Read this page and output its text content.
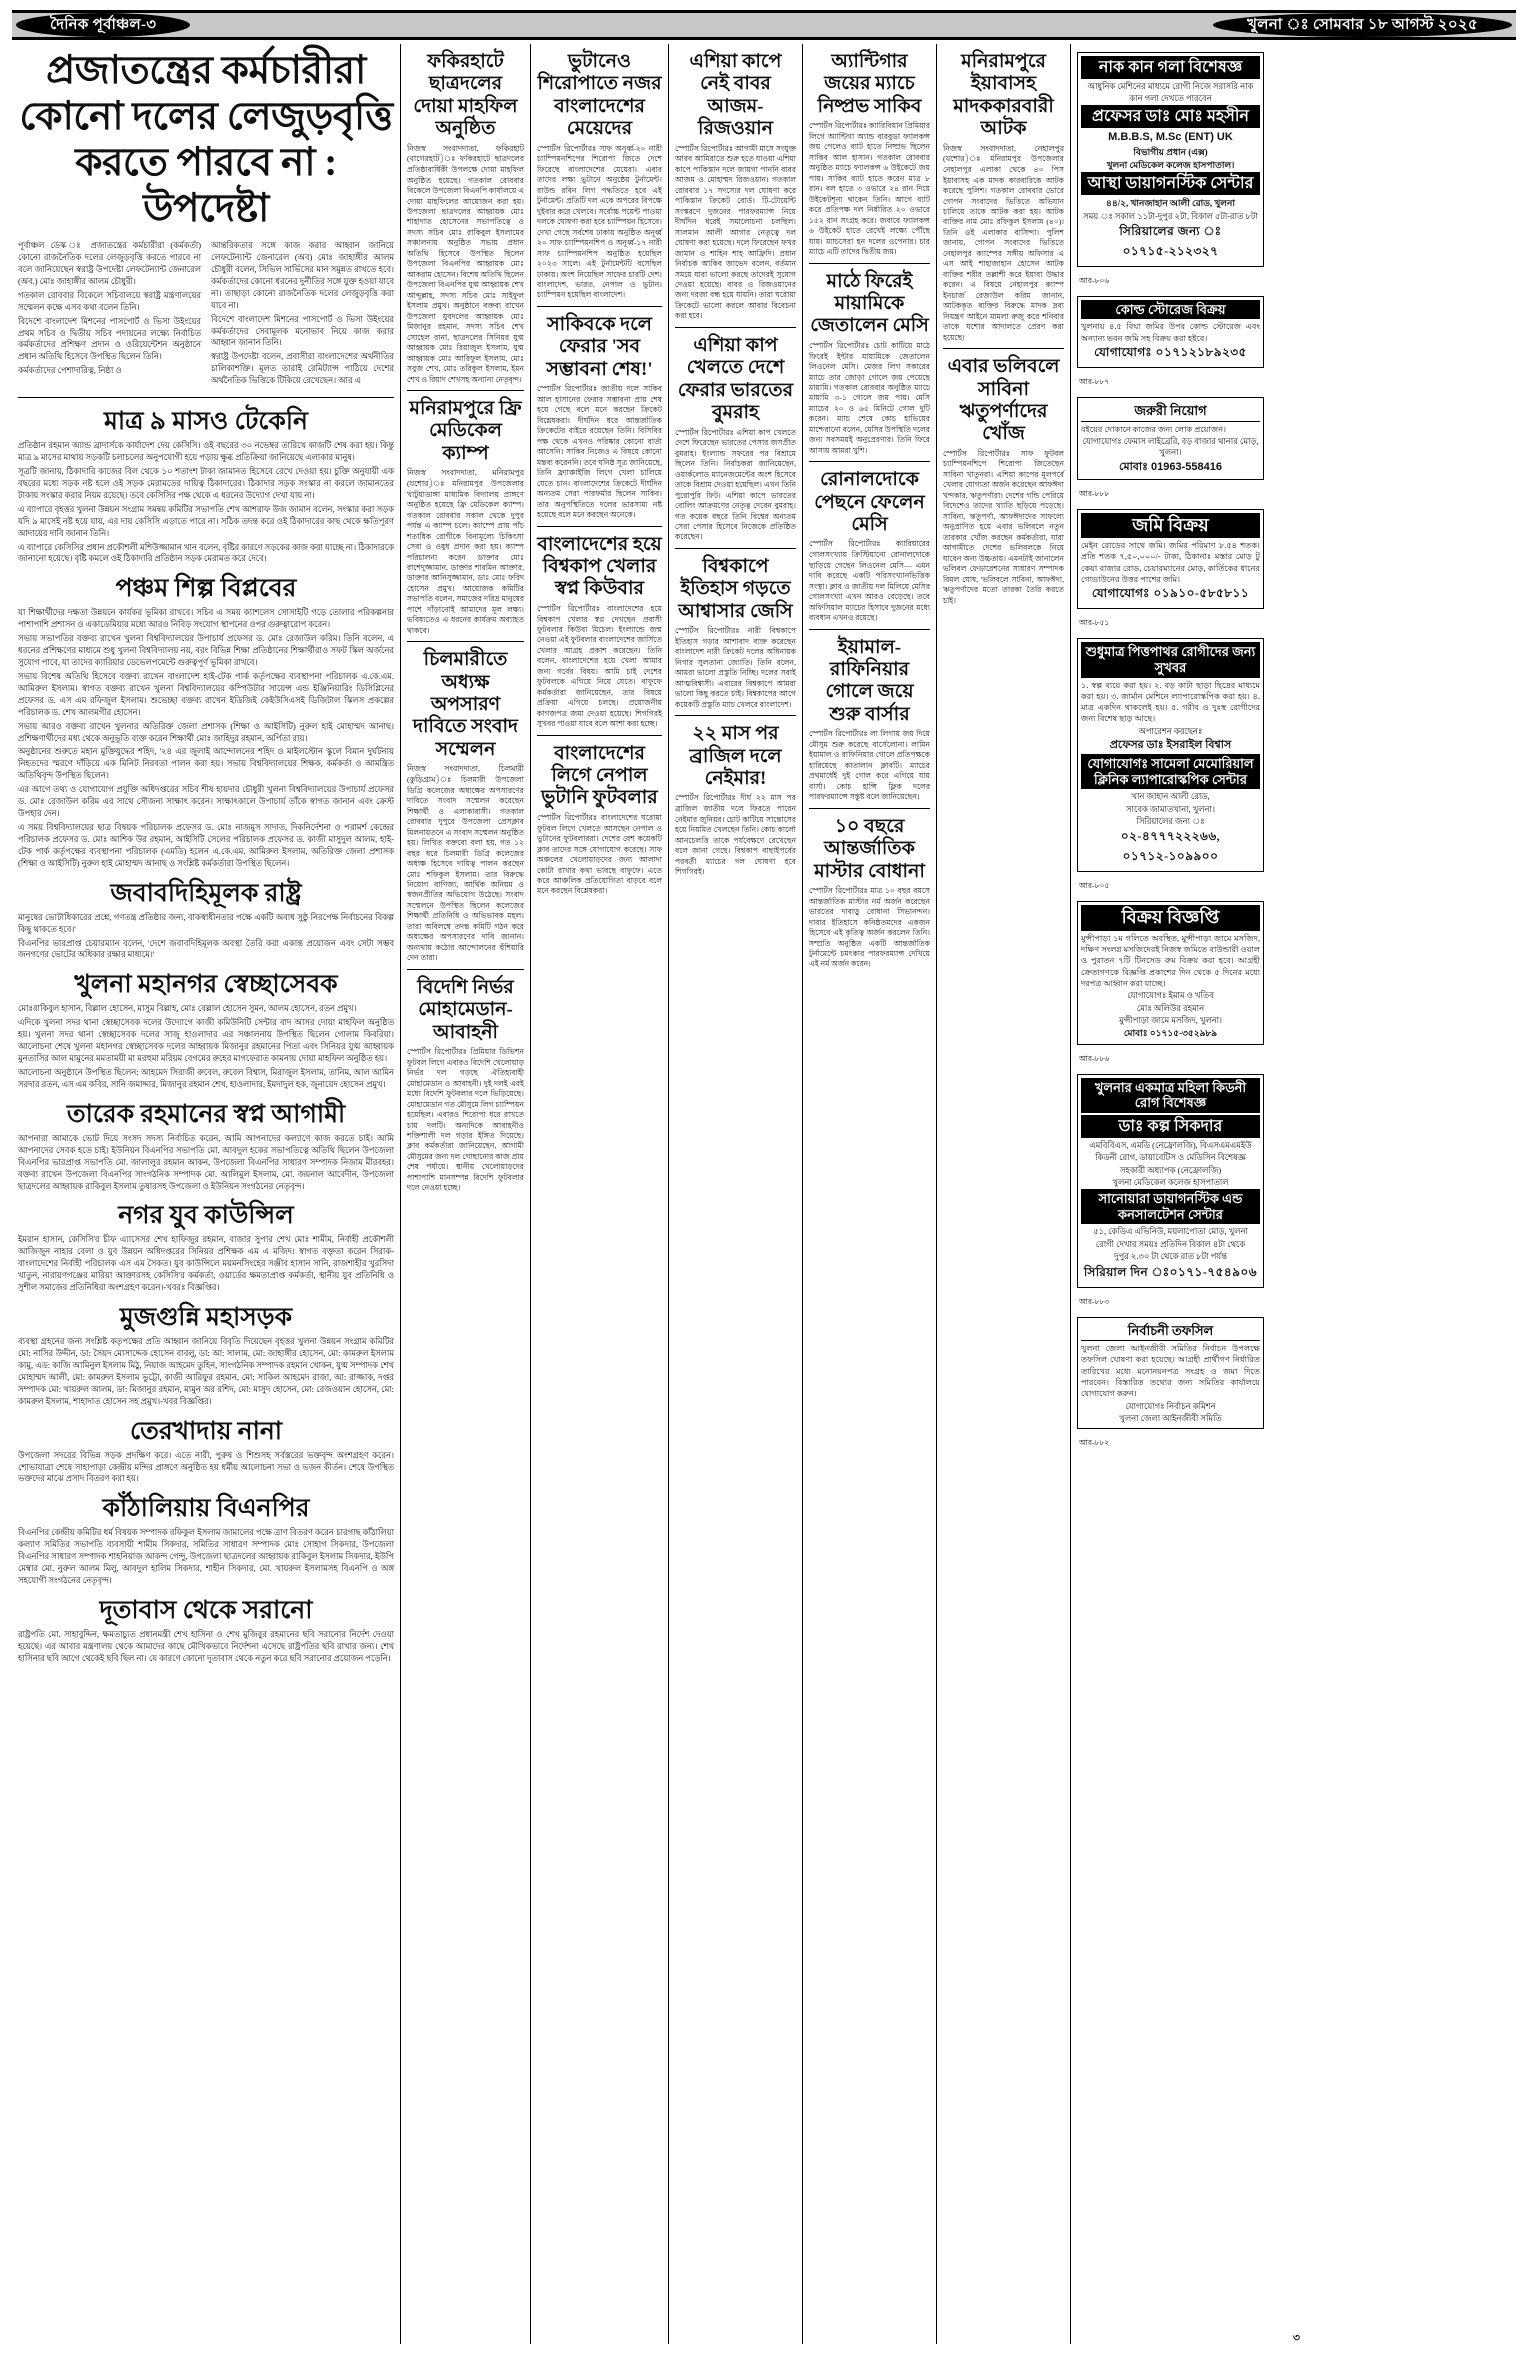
দৈনিক পূর্বাঞ্চল-৩	খুলনা ঃ সোমবার ১৮ আগস্ট ২০২৫
প্রজাতন্ত্রের কর্মচারীরা কোনো দলের লেজুড়বৃত্তি করতে পারবে না : উপদেষ্টা

পূর্বাঞ্চল ডেস্ক ঃ প্রজাতন্ত্রের কর্মচারীরা (কর্মকর্তা) কোনো রাজনৈতিক দলের লেজুড়বৃত্তি করতে পারবে না বলে জানিয়েছেন স্বরাষ্ট্র উপদেষ্টা লেফটেন্যান্ট জেনারেল (অব.) মোঃ জাহাঙ্গীর আলম চৌধুরী।

গতকাল রোববার বিকেলে সচিবালয়ে স্বরাষ্ট্র মন্ত্রণালয়ের সম্মেলন কক্ষে এসব কথা বলেন তিনি।

বিদেশে বাংলাদেশ মিশনের পাসপোর্ট ও ভিসা উইংয়ের প্রথম সচিব ও দ্বিতীয় সচিব পদায়নের লক্ষ্যে নির্বাচিত কর্মকর্তাদের প্রশিক্ষণ প্রদান ও ওরিয়েন্টেশন অনুষ্ঠানে প্রধান অতিথি হিসেবে উপস্থিত ছিলেন তিনি।

কর্মকর্তাদের পেশাদারিত্ব, নিষ্ঠা ও

আন্তরিকতার সঙ্গে কাজ করার আহ্বান জানিয়ে লেফটেন্যান্ট জেনারেল (অব) মোঃ জাহাঙ্গীর আলম চৌধুরী বলেন, সিভিল সার্ভিসের মান সমুন্নত রাখতে হবে। কর্মকর্তাদের কোনো ধরনের দুর্নীতির সঙ্গে যুক্ত হওয়া যাবে না। তাছাড়া কোনো রাজনৈতিক দলের লেজুড়বৃত্তি করা যাবে না।

বিদেশে বাংলাদেশ মিশনের পাসপোর্ট ও ভিসা উইংয়ের কর্মকর্তাদের সেবামূলক মনোভাব নিয়ে কাজ করার আহ্বান জানান তিনি।

স্বরাষ্ট্র উপদেষ্টা বলেন, প্রবাসীরা বাংলাদেশের অর্থনীতির চালিকাশক্তি। মূলত তারাই রেমিট্যান্স পাঠিয়ে দেশের অর্থনৈতিক ভিত্তিকে টিকিয়ে রেখেছেন। আর এ

মাত্র ৯ মাসও টেকেনি

প্রতিষ্ঠান রহমান অ্যান্ড ব্রাদার্সকে কার্যাদেশ দেয় কেসিসি। ওই বছরের ৩০ নভেম্বর তারিখে কাজটি শেষ করা হয়। কিন্তু মাত্র ৯ মাসের মাথায় সড়কটি চলাচলের অনুপযোগী হয়ে পড়ায় ক্ষুব্ধ প্রতিক্রিয়া জানিয়েছে এলাকার মানুষ।

সূত্রটি জানায়, ঠিকাদারি কাজের বিল থেকে ১০ শতাংশ টাকা জামানত হিসেবে রেখে দেওয়া হয়। চুক্তি অনুযায়ী এক বছরের মধ্যে সড়ক নষ্ট হলে ওই সড়ক মেরামতের দায়িত্ব ঠিকাদারের। ঠিকাদার সড়ক সংস্কার না করলে জামানতের টাকায় সংস্কার করার নিয়ম রয়েছে। তবে কেসিসির পক্ষ থেকে এ ধরনের উদ্যোগ দেখা যায় না।

এ ব্যাপারে বৃহত্তর খুলনা উন্নয়ন সংগ্রাম সমন্বয় কমিটির সভাপতি শেখ আশরাফ উজ জামান বলেন, সংস্কার করা সড়ক যদি ৯ মাসেই নষ্ট হয়ে যায়, এর দায় কেসিসি এড়াতে পারে না। সঠিক তদন্ত করে ওই ঠিকাদারের কাছ থেকে ক্ষতিপূরণ আদায়ের দাবি জানান তিনি।

এ ব্যাপারে কেসিসির প্রধান প্রকৌশলী মশিউজ্জামান খান বলেন, বৃষ্টির কারণে সড়কের কাজ করা যাচ্ছে না। ঠিকাদারকে জানানো হয়েছে। বৃষ্টি কমলে ওই ঠিকাদারি প্রতিষ্ঠান সড়ক মেরামত করে দেবে।

পঞ্চম শিল্প বিপ্লবের

যা শিক্ষার্থীদের দক্ষতা উন্নয়নে কার্যকর ভূমিকা রাখবে। সচিব এ সময় ক্যাশলেস সোসাইটি গড়ে তোলার পরিকল্পনার পাশাপাশি প্রশাসন ও একাডেমিয়ার মধ্যে আরও নিবিড় সংযোগ স্থাপনের ওপর গুরুত্বারোপ করেন।

সভায় সভাপতির বক্তব্য রাখেন খুলনা বিশ্ববিদ্যালয়ের উপাচার্য প্রফেসর ড. মোঃ রেজাউল করিম। তিনি বলেন, এ ধরনের প্রশিক্ষণের মাধ্যমে শুধু খুলনা বিশ্ববিদ্যালয় নয়, বরং বিভিন্ন শিক্ষা প্রতিষ্ঠানের শিক্ষার্থীরাও সফট স্কিল অর্জনের সুযোগ পাবে, যা তাদের ক্যারিয়ার ডেভেলপমেন্টে গুরুত্বপূর্ণ ভূমিকা রাখবে।

সভায় বিশেষ অতিথি হিসেবে বক্তব্য রাখেন বাংলাদেশ হাই-টেক পার্ক কর্তৃপক্ষের ব্যবস্থাপনা পরিচালক এ.কে.এম. আমিরুল ইসলাম। স্বাগত বক্তব্য রাখেন খুলনা বিশ্ববিদ্যালয়ের কম্পিউটার সায়েন্স এন্ড ইঞ্জিনিয়ারিং ডিসিপ্লিনের প্রফেসর ড. এস এম রফিজুল ইসলাম। শুভেচ্ছা বক্তব্য রাখেন ইডিজিই কেইউসিএসই ডিজিটাল স্কিলস প্রকল্পের পরিচালক ড. শেখ আলমগীর হোসেন।

সভায় আরও বক্তব্য রাখেন খুলনার অতিরিক্ত জেলা প্রশাসক (শিক্ষা ও আইসিটি) নুরুল হাই মোহাম্মদ আনাছ। প্রশিক্ষণার্থীদের মধ্য থেকে অনুভূতি ব্যক্ত করেন শিক্ষার্থী মোঃ জাহিদুর রহমান, অর্পিতা রায়।

অনুষ্ঠানের শুরুতে মহান মুক্তিযুদ্ধের শহিদ, '২৪ এর জুলাই আন্দোলনের শহিদ ও মাইলস্টোন স্কুলে বিমান দুর্ঘটনায় নিহতদের স্মরণে দাঁড়িয়ে এক মিনিট নিরবতা পালন করা হয়। সভায় বিশ্ববিদ্যালয়ের শিক্ষক, কর্মকর্তা ও আমন্ত্রিত অতিথিবৃন্দ উপস্থিত ছিলেন।

এর আগে তথ্য ও যোগাযোগ প্রযুক্তি অধিদপ্তরের সচিব শীষ হায়দার চৌধুরী খুলনা বিশ্ববিদ্যালয়ের উপাচার্য প্রফেসর ড. মোঃ রেজাউল করিম এর সাথে সৌজন্য সাক্ষাৎ করেন। সাক্ষাৎকালে উপাচার্য তাঁকে স্বাগত জানান এবং ক্রেস্ট উপহার দেন।

এ সময় বিশ্ববিদ্যালয়ের ছাত্র বিষয়ক পরিচালক প্রফেসর ড. মোঃ নাজমুস সাদাত, দিকনির্দেশনা ও পরামর্শ কেন্দ্রের পরিচালক প্রফেসর ড. মোঃ আশিক উর রহমান, আইসিটি সেলের পরিচালক প্রফেসর ড. কাজী মাসুদুল আলম, হাই-টেক পার্ক কর্তৃপক্ষের ব্যবস্থাপনা পরিচালক (এমডি) হলেন এ.কে.এম. আমিরুল ইসলাম, অতিরিক্ত জেলা প্রশাসক (শিক্ষা ও আইসিটি) নুরুল হাই মোহাম্মদ আনাছ ও সংশ্লিষ্ট কর্মকর্তারা উপস্থিত ছিলেন।

জবাবদিহিমূলক রাষ্ট্র

মানুষের ভোটাধিকারের প্রশ্নে, গণতন্ত্র প্রতিষ্ঠার জন্য, বাকস্বাধীনতার পক্ষে একটি অবাধ সুষ্ঠু নিরপেক্ষ নির্বাচনের বিকল্প কিছু থাকতে হবে।'

বিএনপির ভারপ্রাপ্ত চেয়ারম্যান বলেন, 'দেশে জবাবদিহিমূলক অবস্থা তৈরি করা একান্ত প্রয়োজন এবং সেটা সম্ভব জনগণের ভোটের অধিকার রক্ষার মাধ্যমে।'

খুলনা মহানগর স্বেচ্ছাসেবক

মোঃরাকিবুল হাসান, বিল্লাল হোসেন, মাসুম বিল্লাহ, মোঃ বেল্লাল হোসেন সুমন, আলম হোসেন, রতন প্রমুখ।

এদিকে খুলনা সদর থানা স্বেচ্ছাসেবক দলের উদ্যোগে কাজী কমিউনিটি সেন্টার বাদ আসর দোয়া মাহফিল অনুষ্ঠিত হয়। খুলনা সদর থানা স্বেচ্ছাসেবক দলের সাজু হাওলাদার এর সঞ্চালনায় উপস্থিত ছিলেন গোলাম কিবরিয়া। আলোচনা শেষে খুলনা মহানগর স্বেচ্ছাসেবক দলের আহ্বায়ক মিজানুর রহমানের পিতা এবং সিনিয়র যুগ্ম আহ্বায়ক মুনতাসির আল মামুনের মমতাময়ী মা মরহুমা মরিয়ম বেগমের রুহের মাগফেরাত কামনায় দোয়া মাহফিল অনুষ্ঠিত হয়।

আলোচনা অনুষ্ঠানে উপস্থিত ছিলেন: আহমেদ সিরাজী রুবেল, রুবেল বিশ্বাস, মিরাজুল ইসলাম, তানিম, আল আমিন সরদার রতন, এস এম কবির, সানি জমাদ্দার, মিজানুর রহমান শেখ, হাওলাদার, ইমদাদুল হক, জুনায়েদ হোসেন প্রমুখ।

তারেক রহমানের স্বপ্ন আগামী

আপনারা আমাকে ভোট দিয়ে সংসদ সদস্য নির্বাচিত করেন, আমি আপনাদের কল্যাণে কাজ করতে চাই। আমি আপনাদের সেবক হতে চাই। ইউনিয়ন বিএনপির সভাপতি মো. আবদুল হকের সভাপতিত্বে অতিথি ছিলেন উপজেলা বিএনপির ভারপ্রাপ্ত সভাপতি মো. জালালুর রহমান আকন, উপজেলা বিএনপির সাধারণ সম্পাদক নিজাম মীরবহর। বক্তব্য রাখেন উপজেলা বিএনপির সাংগঠনিক সম্পাদক মো. আলিমুল ইসলাম, মো. জয়নাল আবেদীন, উপজেলা ছাত্রদলের আহ্বায়ক রাকিবুল ইসলাম তুষারসহ উপজেলা ও ইউনিয়ন সংগঠনের নেতৃবৃন্দ।

নগর যুব কাউন্সিল

ইমরান হাসান, কেসিসি'র চীফ এ্যাসেসর শেখ হাফিজুর রহমান, বাজার সুপার শেখ মোঃ শামীম, নির্বাহী প্রকৌশলী আজিজুন নাহার বেলা ও যুব উন্নয়ন অধিদপ্তরের সিনিয়র প্রশিক্ষক এম এ মজিদ। স্বাগত বক্তৃতা করেন সিরাক-বাংলাদেশের নির্বাহী পরিচালক এস এম সৈকত। যুব কাউন্সিলে ময়মনসিংহের সঞ্জীব হাসান সানি, রাজশাহীর খুরসিদা খাতুন, নারায়ণগঞ্জের মারিয়া আক্তারসহ কেসিসি'র কর্মকর্তা, ওয়ার্ডের ক্ষমতাপ্রাপ্ত কর্মকর্তা, স্থানীয় যুব প্রতিনিধি ও সুশীল সমাজের প্রতিনিধিরা অংশগ্রহণ করেন।-খবরঃ বিজ্ঞপ্তির।

মুজগুন্নি মহাসড়ক

ব্যবস্থা গ্রহনের জন্য সংশ্লিষ্ট কতৃপক্ষের প্রতি আহ্বান জানিয়ে বিবৃতি দিয়েছেন বৃহত্তর খুলনা উন্নয়ন সংগ্রাম কমিটির মো: নাসির উদ্দীন, ডা: সৈয়দ মোসাদ্দেক হোসেন বাবলু, ডা: আ: সালাম, মো: জাহাঙ্গীর হোসেন, মো: কামরুল ইসলাম কামু, এড: কাজি আমিনুল ইসলাম মিঠু, নিয়াজ আহমেদ তুহিন, সাংগঠনিক সম্পাদক রহমান খোকন, যুগ্ম সম্পাদক শেখ মোহাম্মদ আলী, মো: কামরুল ইসলাম ভুট্টো, কাজী আরিফুর রহমান, মো: সাকিল আহমেদ রাজা, আ: রাজ্জাক, দপ্তর সম্পাদক মো: খায়রুল আলম, ডা: মিজানুর রহমান, মামুন অর রশিদ, মো: মাসুদ হোসেন, মো: রেজওয়ান হোসেন, মো: কামরুল ইসলাম, শাহাদাত হোসেন সহ প্রমুখ।-খবর বিজ্ঞপ্তির।

তেরখাদায় নানা

উপজেলা সদরের বিভিন্ন সড়ক প্রদক্ষিণ করে। এতে নারী, পুরুষ ও শিশুসহ সর্বস্তরের ভক্তবৃন্দ অংশগ্রহণ করেন। শোভাযাত্রা শেষে সাহাপাড়া কেন্দ্রীয় মন্দির প্রাঙ্গণে অনুষ্ঠিত হয় ধর্মীয় আলোচনা সভা ও ভজন কীর্তন। শেষে উপস্থিত ভক্তদের মাঝে প্রসাদ বিতরণ করা হয়।

কাঁঠালিয়ায় বিএনপির

বিএনপির কেন্দ্রীয় কমিটির ধর্ম বিষয়ক সম্পাদক রফিকুল ইসলাম জামালের পক্ষে ত্রাণ বিতরণ করেন চারগাছ কাঁঠালিয়া কল্যাণ সমিতির সভাপতি ব্যবসায়ী শামীম সিকদার, সমিতির সাধারণ সম্পাদক মোঃ সোহাগ সিকদার, উপজেলা বিএনপির সাধারণ সম্পাদক শাহনিয়াজ আকন্দ গেন্দু, উপজেলা ছাত্রদলের আহ্বায়ক রাকিবুল ইসলাম সিকদার, ইউপি মেম্বার মো. নুরুল আলম মিলু, আবদুল হালিম সিকদার, শাহীন সিকদার, মো. খায়রুল ইসলামসহ বিএনপি ও অঙ্গ সহযোগী সংগঠনের নেতৃবৃন্দ।

দূতাবাস থেকে সরানো

রাষ্ট্রপতি মো. সাহাবুদ্দিন, ক্ষমতাচ্যুত প্রধানমন্ত্রী শেখ হাসিনা ও শেখ মুজিবুর রহমানের ছবি সরানোর নির্দেশ দেওয়া হয়েছে। এর আবার মন্ত্রণালয় থেকে আমাদের কাছে মৌখিকভাবে নির্দেশনা এসেছে রাষ্ট্রপতির ছবি রাখার জন্য। শেখ হাসিনার ছবি আগে থেকেই ছবি ছিল না। যে কারণে কোনো দূতাবাস থেকে নতুন করে ছবি সরানোর প্রয়োজন পড়েনি।

ফকিরহাটে ছাত্রদলের দোয়া মাহফিল অনুষ্ঠিত

নিজস্ব সংবাদদাতা, ফকিরহাট (বাগেরহাট)ঃ ফকিরহাটে ছাত্রদলের প্রতিষ্ঠাবার্ষিকী উপলক্ষে দোয়া মাহফিল অনুষ্ঠিত হয়েছে। গতকাল রোববার বিকেলে উপজেলা বিএনপি কার্যালয়ে এ দোয়া মাহফিলের আয়োজন করা হয়। উপজেলা ছাত্রদলের আহ্বায়ক মোঃ শাহাদাত হোসেনের সভাপতিত্বে ও সদস্য সচিব মোঃ রাকিবুল ইসলামের সঞ্চালনায় অনুষ্ঠিত সভায় প্রধান অতিথি হিসেবে উপস্থিত ছিলেন উপজেলা বিএনপির আহ্বায়ক মোঃ আকরাম হোসেন। বিশেষ অতিথি ছিলেন উপজেলা বিএনপির যুগ্ম আহ্বায়ক শেখ আব্দুল্লাহ, সদস্য সচিব মোঃ সাইফুল ইসলাম প্রমুখ। অনুষ্ঠানে বক্তব্য রাখেন উপজেলা যুবদলের আহ্বায়ক মোঃ মিজানুর রহমান, সদস্য সচিব শেখ সোহেল রানা, ছাত্রদলের সিনিয়র যুগ্ম আহ্বায়ক মোঃ রিয়াজুল ইসলাম, যুগ্ম আহ্বায়ক মোঃ আরিফুল ইসলাম, মোঃ সবুজ শেখ, মোঃ তরিকুল ইসলাম, ইমন শেখ ও রিয়াদ শেখসহ অন্যান্য নেতৃবৃন্দ।

মনিরামপুরে ফ্রি মেডিকেল ক্যাম্প

নিজস্ব সংবাদদাতা, মনিরামপুর (যশোর)ঃ মনিরামপুর উপজেলার খাটুয়াডাঙ্গা মাধ্যমিক বিদ্যালয় প্রাঙ্গণে অনুষ্ঠিত হয়েছে ফ্রি মেডিকেল ক্যাম্প। গতকাল রোববার সকাল থেকে দুপুর পর্যন্ত এ ক্যাম্প চলে। ক্যাম্পে প্রায় পাঁচ শতাধিক রোগীকে বিনামূল্যে চিকিৎসা সেবা ও ওষুধ প্রদান করা হয়। ক্যাম্প পরিচালনা করেন ডাক্তার মোঃ রাশেদুজ্জামান, ডাক্তার শারমিন আক্তার, ডাক্তার আনিসুজ্জামান, ডাঃ মোঃ ফরিদ হোসেন প্রমুখ। আয়োজক কমিটির সভাপতি বলেন, সমাজের দরিদ্র মানুষের পাশে দাঁড়ানোই আমাদের মূল লক্ষ্য। ভবিষ্যতেও এ ধরনের কার্যক্রম অব্যাহত থাকবে।

চিলমারীতে অধ্যক্ষ অপসারণ দাবিতে সংবাদ সম্মেলন

নিজস্ব সংবাদদাতা, চিলমারী (কুড়িগ্রাম)ঃ চিলমারী উপজেলা ডিগ্রি কলেজের অধ্যক্ষের অপসারণের দাবিতে সংবাদ সম্মেলন করেছেন শিক্ষার্থী ও এলাকাবাসী। গতকাল রোববার দুপুরে উপজেলা প্রেসক্লাব মিলনায়তনে এ সংবাদ সম্মেলন অনুষ্ঠিত হয়। লিখিত বক্তব্যে বলা হয়, গত ১২ বছর ধরে চিলমারী ডিগ্রি কলেজের অধ্যক্ষ হিসেবে দায়িত্ব পালন করছেন মোঃ শফিকুল ইসলাম। তার বিরুদ্ধে নিয়োগ বাণিজ্য, আর্থিক অনিয়ম ও স্বজনপ্রীতির অভিযোগ উঠেছে। সংবাদ সম্মেলনে উপস্থিত ছিলেন কলেজের শিক্ষার্থী প্রতিনিধি ও অভিভাবক মহল। তারা অবিলম্বে তদন্ত কমিটি গঠন করে অধ্যক্ষের অপসারণের দাবি জানান। অন্যথায় কঠোর আন্দোলনের হুঁশিয়ারি দেন তারা।

বিদেশি নির্ভর মোহামেডান-আবাহনী

স্পোর্টস রিপোর্টারঃ প্রিমিয়ার ডিভিশন ফুটবল লিগে এবারও বিদেশি খেলোয়াড় নির্ভর দল গড়ছে ঐতিহ্যবাহী মোহামেডান ও আবাহনী। দুই দলই এরই মধ্যে বিদেশি ফুটবলার দলে ভিড়িয়েছে। মোহামেডান গত মৌসুমে লিগ চ্যাম্পিয়ন হয়েছিল। এবারও শিরোপা ধরে রাখতে চায় দলটি। অন্যদিকে আবাহনীও শক্তিশালী দল গড়ার ইঙ্গিত দিয়েছে। ক্লাব কর্মকর্তারা জানিয়েছেন, আগামী মৌসুমের জন্য দল গোছানোর কাজ প্রায় শেষ পর্যায়ে। স্থানীয় খেলোয়াড়দের পাশাপাশি মানসম্পন্ন বিদেশি ফুটবলার দলে নেওয়া হচ্ছে।

ভুটানেও শিরোপাতে নজর বাংলাদেশের মেয়েদের

স্পোর্টস রিপোর্টারঃ সাফ অনূর্ধ্ব-২০ নারী চ্যাম্পিয়নশিপের শিরোপা জিতে দেশে ফিরেছে বাংলাদেশের মেয়েরা। এবার তাদের লক্ষ্য ভুটানে অনুষ্ঠেয় টুর্নামেন্ট। রাউন্ড রবিন লিগ পদ্ধতিতে হবে এই টুর্নামেন্ট। প্রতিটি দল একে অপরের বিপক্ষে দুইবার করে খেলবে। সর্বোচ্চ পয়েন্ট পাওয়া দলকে ঘোষণা করা হবে চ্যাম্পিয়ন হিসেবে। দেখা গেছে সর্বশেষ ঢাকায় অনুষ্ঠিত অনূর্ধ্ব ২০ সাফ চ্যাম্পিয়নশিপ ও অনূর্ধ্ব-১৭ নারী সাফ চ্যাম্পিয়নশিপ অনুষ্ঠিত হয়েছিল ২০২৩ সালে। এই টুর্নামেন্টটি বসেছিল ঢাকায়। অংশ নিয়েছিল সাফের চারটি দেশ। বাংলাদেশ, ভারত, নেপাল ও ভুটান। চ্যাম্পিয়ন হয়েছিল বাংলাদেশ।

সাকিবকে দলে ফেরার 'সব সম্ভাবনা শেষ!'

স্পোর্টস রিপোর্টারঃ জাতীয় দলে সাকিব আল হাসানের ফেরার সম্ভাবনা প্রায় শেষ হয়ে গেছে বলে মনে করছেন ক্রিকেট বিশ্লেষকরা। দীর্ঘদিন ধরে আন্তর্জাতিক ক্রিকেটের বাইরে রয়েছেন তিনি। বিসিবির পক্ষ থেকে এখনও পরিষ্কার কোনো বার্তা আসেনি। সাকিব নিজেও এ বিষয়ে কোনো মন্তব্য করেননি। তবে ঘনিষ্ঠ সূত্র জানিয়েছে, তিনি ফ্র্যাঞ্চাইজি লিগে খেলা চালিয়ে যেতে চান। বাংলাদেশের ক্রিকেটে দীর্ঘদিন অন্যতম সেরা পারফর্মার ছিলেন সাকিব। তার অনুপস্থিতিতে দলের ভারসাম্য নষ্ট হয়েছে বলে মনে করছেন অনেকে।

বাংলাদেশের হয়ে বিশ্বকাপ খেলার স্বপ্ন কিউবার

স্পোর্টস রিপোর্টারঃ বাংলাদেশের হয়ে বিশ্বকাপ খেলার স্বপ্ন দেখছেন প্রবাসী ফুটবলার কিউবা মিচেল। ইংল্যান্ডে জন্ম নেওয়া এই ফুটবলার বাংলাদেশের জার্সিতে খেলার আগ্রহ প্রকাশ করেছেন। তিনি বলেন, বাংলাদেশের হয়ে খেলা আমার জন্য গর্বের বিষয়। আমি চাই দেশের ফুটবলকে এগিয়ে নিয়ে যেতে। বাফুফে কর্মকর্তারা জানিয়েছেন, তার বিষয়ে প্রক্রিয়া এগিয়ে চলছে। প্রয়োজনীয় কাগজপত্র জমা দেওয়া হয়েছে। শিগগিরই সুখবর পাওয়া যাবে বলে আশা করা হচ্ছে।

বাংলাদেশের লিগে নেপাল ভুটানি ফুটবলার

স্পোর্টস রিপোর্টারঃ বাংলাদেশের ঘরোয়া ফুটবল লিগে খেলতে আসছেন নেপাল ও ভুটানের ফুটবলাররা। দেশের বেশ কয়েকটি ক্লাব তাদের সঙ্গে যোগাযোগ করেছে। সাফ অঞ্চলের খেলোয়াড়দের জন্য আলাদা কোটা রাখার কথা ভাবছে বাফুফে। এতে করে আঞ্চলিক প্রতিযোগিতা বাড়বে বলে মনে করছেন বিশ্লেষকরা।

এশিয়া কাপে নেই বাবর আজম-রিজওয়ান

স্পোর্টস রিপোর্টারঃ আগামী মাসে সংযুক্ত আরব আমিরাতে শুরু হতে যাওয়া এশিয়া কাপে পাকিস্তান দলে জায়গা পাননি বাবর আজম ও মোহাম্মদ রিজওয়ান। গতকাল রোববার ১৭ সদস্যের দল ঘোষণা করে পাকিস্তান ক্রিকেট বোর্ড। টি-টোয়েন্টি সংস্করণে দুজনের পারফরম্যান্স নিয়ে দীর্ঘদিন ধরেই সমালোচনা চলছিল। সালমান আলী আগার নেতৃত্বে দল ঘোষণা করা হয়েছে। দলে ফিরেছেন ফখর জামান ও শাহিন শাহ আফ্রিদি। প্রধান নির্বাচক আকিব জাভেদ বলেন, বর্তমান সময়ে যারা ভালো করছে তাদেরই সুযোগ দেওয়া হয়েছে। বাবর ও রিজওয়ানের জন্য দরজা বন্ধ হয়ে যায়নি। তারা ঘরোয়া ক্রিকেটে ভালো করলে আবার বিবেচনা করা হবে।

এশিয়া কাপ খেলতে দেশে ফেরার ভারতের বুমরাহ

স্পোর্টস রিপোর্টারঃ এশিয়া কাপ খেলতে দেশে ফিরেছেন ভারতের পেসার জসপ্রীত বুমরাহ। ইংল্যান্ড সফরের পর বিশ্রামে ছিলেন তিনি। নির্বাচকরা জানিয়েছেন, ওয়ার্কলোড ম্যানেজমেন্টের অংশ হিসেবে তাকে বিশ্রাম দেওয়া হয়েছিল। এখন তিনি পুরোপুরি ফিট। এশিয়া কাপে ভারতের বোলিং আক্রমণের নেতৃত্ব দেবেন বুমরাহ। গত কয়েক বছরে তিনি বিশ্বের অন্যতম সেরা পেসার হিসেবে নিজেকে প্রতিষ্ঠিত করেছেন।

বিশ্বকাপে ইতিহাস গড়তে আশ্বাসার জেসি

স্পোর্টস রিপোর্টারঃ নারী বিশ্বকাপে ইতিহাস গড়ার আশাবাদ ব্যক্ত করেছেন বাংলাদেশ নারী ক্রিকেট দলের অধিনায়ক নিগার সুলতানা জ্যোতি। তিনি বলেন, আমরা ভালো প্রস্তুতি নিচ্ছি। দলের সবাই আত্মবিশ্বাসী। এবারের বিশ্বকাপে আমরা ভালো কিছু করতে চাই। বিশ্বকাপের আগে কয়েকটি প্রস্তুতি ম্যাচ খেলবে বাংলাদেশ।

২২ মাস পর ব্রাজিল দলে নেইমার!

স্পোর্টস রিপোর্টারঃ দীর্ঘ ২২ মাস পর ব্রাজিল জাতীয় দলে ফিরতে পারেন নেইমার জুনিয়র। চোট কাটিয়ে সান্তোসের হয়ে নিয়মিত খেলছেন তিনি। কোচ কার্লো আনচেলত্তি তাকে পর্যবেক্ষণে রেখেছেন বলে জানা গেছে। বিশ্বকাপ বাছাইপর্বের পরবর্তী ম্যাচের দল ঘোষণা হবে শিগগিরই।

অ্যান্টিগার জয়ের ম্যাচে নিষ্প্রভ সাকিব

স্পোর্টস রিপোর্টারঃ ক্যারিবিয়ান প্রিমিয়ার লিগে অ্যান্টিগা অ্যান্ড বারবুডা ফ্যালকন্স জয় পেলেও ব্যাট হাতে নিষ্প্রভ ছিলেন সাকিব আল হাসান। গতকাল রোববার অনুষ্ঠিত ম্যাচে ফ্যালকন্স ৬ উইকেটে জয় পায়। সাকিব ব্যাট হাতে করেন মাত্র ৮ রান। বল হাতে ৩ ওভারে ২৪ রান দিয়ে উইকেটশূন্য থাকেন তিনি। আগে ব্যাট করে প্রতিপক্ষ দল নির্ধারিত ২০ ওভারে ১৫২ রান সংগ্রহ করে। জবাবে ফ্যালকন্স ৬ উইকেট হাতে রেখেই লক্ষ্যে পৌঁছে যায়। ম্যাচসেরা হন দলের ওপেনার। চার ম্যাচে এটি তাদের দ্বিতীয় জয়।

মাঠে ফিরেই মায়ামিকে জেতালেন মেসি

স্পোর্টস রিপোর্টারঃ চোট কাটিয়ে মাঠে ফিরেই ইন্টার মায়ামিকে জেতালেন লিওনেল মেসি। মেজর লিগ সকারের ম্যাচে তার জোড়া গোলে জয় পেয়েছে মায়ামি। গতকাল রোববার অনুষ্ঠিত ম্যাচে মায়ামি ৩-১ গোলে জয় পায়। মেসি ম্যাচের ২০ ও ৬৫ মিনিটে গোল দুটি করেন। ম্যাচ শেষে কোচ হাভিয়ের মাশ্চেরানো বলেন, মেসির উপস্থিতি দলের জন্য সবসময়ই অনুপ্রেরণার। তিনি ফিরে আসায় আমরা খুশি।

রোনালদোকে পেছনে ফেলেন মেসি

স্পোর্টস রিপোর্টারঃ ক্যারিয়ারের গোলসংখ্যায় ক্রিস্টিয়ানো রোনালদোকে ছাড়িয়ে গেছেন লিওনেল মেসি— এমন দাবি করেছে একটি পরিসংখ্যানভিত্তিক সংস্থা। ক্লাব ও জাতীয় দল মিলিয়ে মেসির গোলসংখ্যা এখন আরও বেড়েছে। তবে অফিসিয়াল ম্যাচের হিসাবে দুজনের মধ্যে ব্যবধান এখনও রয়েছে।

ইয়ামাল-রাফিনিয়ার গোলে জয়ে শুরু বার্সার

স্পোর্টস রিপোর্টারঃ লা লিগায় জয় দিয়ে মৌসুম শুরু করেছে বার্সেলোনা। লামিন ইয়ামাল ও রাফিনিয়ার গোলে প্রতিপক্ষকে হারিয়েছে কাতালান ক্লাবটি। ম্যাচের প্রথমার্ধেই দুই গোল করে এগিয়ে যায় বার্সা। কোচ হান্সি ফ্লিক দলের পারফরম্যান্সে সন্তুষ্ট বলে জানিয়েছেন।

১০ বছরে আন্তর্জাতিক মাস্টার বোধানা

স্পোর্টস রিপোর্টারঃ মাত্র ১০ বছর বয়সে আন্তর্জাতিক মাস্টার নর্ম অর্জন করেছেন ভারতের দাবাড়ু বোধানা সিভানন্দন। দাবার ইতিহাসে কনিষ্ঠতমদের একজন হিসেবে এই কৃতিত্ব অর্জন করলেন তিনি। সম্প্রতি অনুষ্ঠিত একটি আন্তর্জাতিক টুর্নামেন্টে চমৎকার পারফরম্যান্স দেখিয়ে এই নর্ম অর্জন করেন।

মনিরামপুরে ইয়াবাসহ মাদককারবারী আটক

নিজস্ব সংবাদদাতা, নেহালপুর (যশোর)ঃ মনিরামপুর উপজেলার নেহালপুর এলাকা থেকে ৪০ পিস ইয়াবাসহ এক মাদক কারবারিকে আটক করেছে পুলিশ। গতকাল রোববার ভোরে গোপন সংবাদের ভিত্তিতে অভিযান চালিয়ে তাকে আটক করা হয়। আটক ব্যক্তির নাম মোঃ রফিকুল ইসলাম (৪০)। তিনি ওই এলাকার বাসিন্দা। পুলিশ জানায়, গোপন সংবাদের ভিত্তিতে নেহালপুর ক্যাম্পের সঙ্গীয় অফিসার এ এস আই শাহাজাহান হোসেন আটক ব্যক্তির শরীর তল্লাশী করে ইয়াবা উদ্ধার করেন। এ বিষয়ে নেহালপুর ক্যাম্প ইনচার্জ রেজাউল করিম জানান, আটককৃত ব্যক্তির বিরুদ্ধে মাদক দ্রব্য নিয়ন্ত্রণ আইনে মামলা রুজু করে শনিবার তাকে যশোর আদালতে প্রেরণ করা হয়েছে।

এবার ভলিবলে সাবিনা ঋতুপর্ণাদের খোঁজ

স্পোর্টস রিপোর্টারঃ সাফ ফুটবল চ্যাম্পিয়নশিপে শিরোপা জিতেছেন সাবিনা খাতুনরা। এশিয়া কাপের মূলপর্বে খেলার যোগ্যতা অর্জন করেছেন আফঈদা খন্দকার, ঋতুপর্ণারা। দেশের গন্ডি পেরিয়ে বিদেশেও তাদের খ্যাতি ছড়িয়ে পড়েছে। সাবিনা, ঋতুপর্ণা, আফঈদাদের সাফল্যে অনুপ্রাণিত হয়ে এবার ভলিবলে নতুন তারকার খোঁজ করছেন কর্মকর্তারা, যারা আগামীতে দেশের ভলিবলকে নিয়ে যাবেন অন্য উচ্চতায়। এমনটাই জানালেন ভলিবল ফেডারেশনের সাধারণ সম্পাদক বিমল ঘোষ, 'ভলিবলে সাবিনা, আফঈদা, ঋতুপর্ণাদের মতো তারকা তৈরি করতে চাই।

নাক কান গলা বিশেষজ্ঞ
আধুনিক মেশিনের মাধ্যমে রোগী নিজে সরাসরি নাক কান গলা দেখতে পারবেন
প্রফেসর ডাঃ মোঃ মহসীন
M.B.B.S, M.Sc (ENT) UK
বিভাগীয় প্রধান (এক্স)
খুলনা মেডিকেল কলেজ হাসপাতাল।
আস্থা ডায়াগনস্টিক সেন্টার
৪৪/২, খানজাহান আলী রোড, খুলনা
সময় ঃ সকাল ১১টা-দুপুর ২টা, বিকাল ৫টা-রাত ৮টা
সিরিয়ালের জন্য ঃ ০১৭১৫-২১২৩২৭
আর-৮০৬
কোল্ড স্টোরেজ বিক্রয়
খুলনায় ৪.৫ বিঘা জমির উপর কোল্ড স্টোরেজ এবং অন্যান্য ভবন জমি সহ বিক্রয় করা হইবে।
যোগাযোগঃ ০১৭১২১৮৯২৩৫
আর-৮৮৭
জরুরী নিয়োগ
বইয়ের দোকানে কাজের জন্য লোক প্রয়োজন।
যোগাযোগঃ ফেমাস লাইব্রেরি, বড় বাজার থানার মোড়, খুলনা।
মোবাঃ 01963-558416
আর-৮৮৮
জমি বিক্রয়
মেইন রোডের সাথে জমি। জমির পরিমাণ ৮.৫৪ শতক। প্রতি শতক ৭,৫০,০০০/- টাকা, ঠিকানাঃ মস্তার মোড় টু কেয়া বাজার রোড, চেয়ারম্যানের মোড়, কার্তিকের ধানের গোডাউনের উত্তর পাশের জমি।
যোগাযোগঃ ০১৯১০-৫৮৫৮১১
আর-৮৫১
শুধুমাত্র পিত্তপাথর রোগীদের জন্য সুখবর
১. স্বল্প ব্যয়ে করা হয়। ২. বড় কাটা ছাড়া ছিদ্রের মাধ্যমে করা হয়। ৩. জার্মান মেশিনে ল্যাপারোস্কপিক করা হয়। ৪. মাত্র একদিন থাকলেই হয়। ৫. গরীব ও দুঃস্থ রোগীদের জন্য বিশেষ ছাড় আছে।
অপারেশন করছেনঃ
প্রফেসর ডাঃ ইসরাইল বিশ্বাস
যোগাযোগঃ সামেলা মেমোরিয়াল ক্লিনিক ল্যাপারোস্কপিক সেন্টার
খান জাহান আলী রোড,
সাবেক জামাতখানা, খুলনা।
সিরিয়ালের জন্য ঃ
০২-৪৭৭৭২২২৬৬, ০১৭১২-১০৯৯০০
আর-৮০৫
বিক্রয় বিজ্ঞপ্তি
মুন্সীপাড়া ১ম গলিতে অবস্থিত, মুন্সীপাড়া জামে মসজিদ, দক্ষিণ সংলগ্ন মসজিদেরই নিজস্ব জমিতে বাউন্ডারী ওয়াল ও পুরাতন ৭টি টিনসেড রুম বিক্রয় করা হবে। আগ্রহী ক্রেতাগণকে বিজ্ঞপ্তি প্রকাশের দিন থেকে ৫ দিনের মধ্যে দরপত্র আহ্বান করা যাচ্ছে।
যোগাযোগঃ ইমাম ও খতিব
মোঃ অলিউর রহমান
মুন্সীপাড়া জামে মসজিদ, খুলনা।
মোবাঃ ০১৭১৫-৩৫২৯৮৯
আর-৮৮৬
খুলনার একমাত্র মহিলা কিডনী রোগ বিশেষজ্ঞ
ডাঃ কল্প সিকদার
এমবিবিএস, এমডি (নেফ্রোলজি), বিএসএমএমইউ
কিডনী রোগ, ডায়াবেটিস ও মেডিসিন বিশেষজ্ঞ
সহকারী অধ্যাপক (নেফ্রোলজি)
খুলনা মেডিকেল কলেজ হাসপাতাল
সানোয়ারা ডায়াগনস্টিক এন্ড কনসালটেশন সেন্টার
৫১, কেডিএ এভিনিউ, ময়লাপোতা মোড়, খুলনা
রোগী দেখার সময়ঃ প্রতিদিন বিকাল ৪টা থেকে
দুপুর ২.৩০ টা থেকে রাত ৮টা পর্যন্ত
সিরিয়াল দিন ঃ০১৭১-৭৫৪৯০৬
আর-৮৮৩
নির্বাচনী তফসিল
খুলনা জেলা আইনজীবী সমিতির নির্বাচন উপলক্ষে তফসিল ঘোষণা করা হয়েছে। আগ্রহী প্রার্থীগণ নির্ধারিত তারিখের মধ্যে মনোনয়নপত্র সংগ্রহ ও জমা দিতে পারবেন। বিস্তারিত তথ্যের জন্য সমিতির কার্যালয়ে যোগাযোগ করুন।
যোগাযোগঃ নির্বাচন কমিশন
খুলনা জেলা আইনজীবী সমিতি
আর-৮৮২
৩
